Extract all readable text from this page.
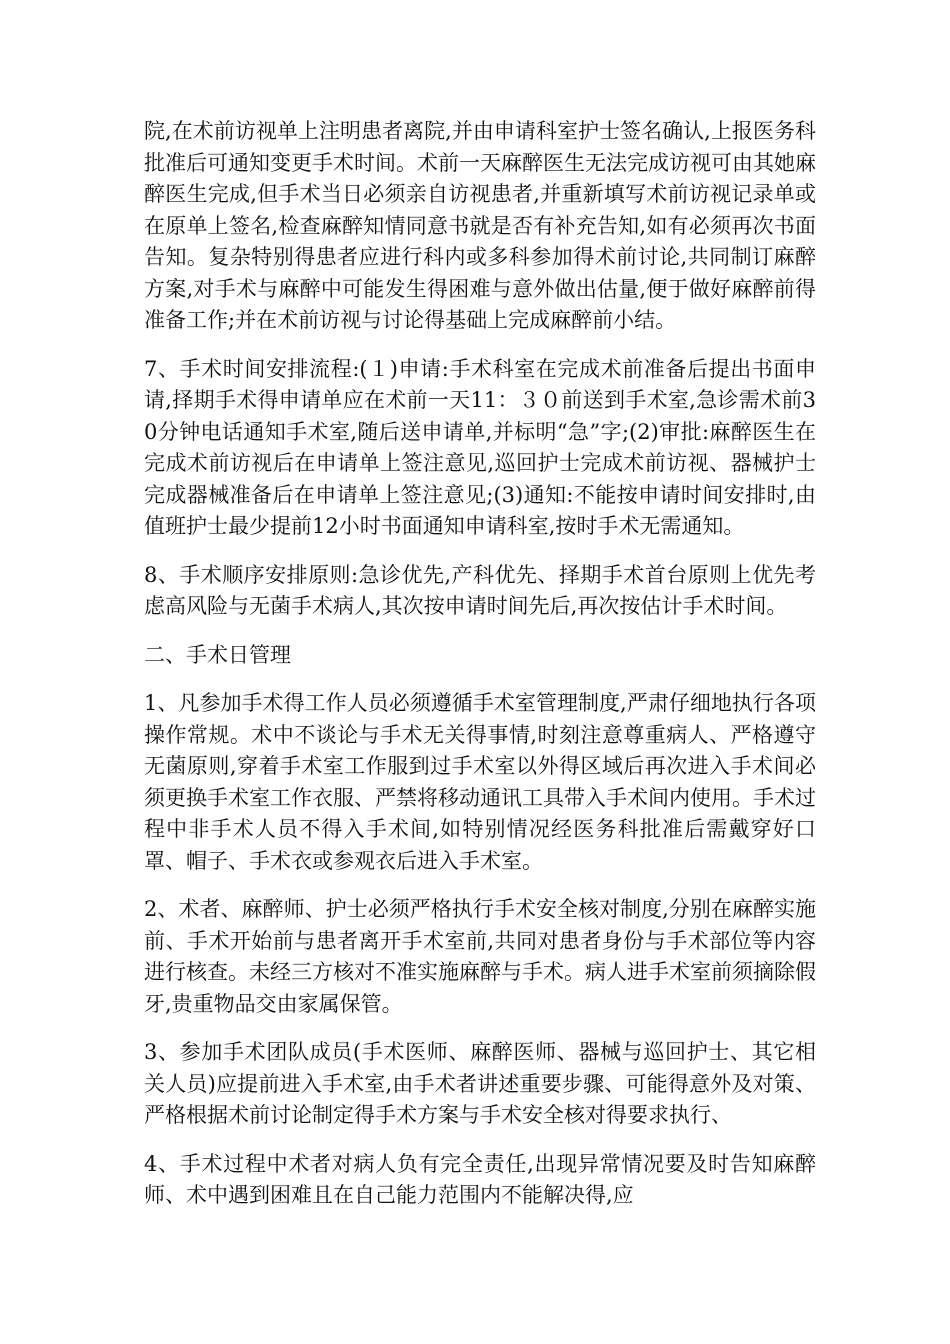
院,在术前访视单上注明患者离院,并由申请科室护士签名确认,上报医务科批准后可通知变更手术时间。术前一天麻醉医生无法完成访视可由其她麻醉医生完成,但手术当日必须亲自访视患者,并重新填写术前访视记录单或在原单上签名,检查麻醉知情同意书就是否有补充告知,如有必须再次书面告知。复杂特别得患者应进行科内或多科参加得术前讨论,共同制订麻醉方案,对手术与麻醉中可能发生得困难与意外做出估量,便于做好麻醉前得准备工作;并在术前访视与讨论得基础上完成麻醉前小结。

7、手术时间安排流程:(１)申请:手术科室在完成术前准备后提出书面申请,择期手术得申请单应在术前一天11：３０前送到手术室,急诊需术前30分钟电话通知手术室,随后送申请单,并标明“急”字;(2)审批:麻醉医生在完成术前访视后在申请单上签注意见,巡回护士完成术前访视、器械护士完成器械准备后在申请单上签注意见;(3)通知:不能按申请时间安排时,由值班护士最少提前12小时书面通知申请科室,按时手术无需通知。

8、手术顺序安排原则:急诊优先,产科优先、择期手术首台原则上优先考虑高风险与无菌手术病人,其次按申请时间先后,再次按估计手术时间。

二、手术日管理

1、凡参加手术得工作人员必须遵循手术室管理制度,严肃仔细地执行各项操作常规。术中不谈论与手术无关得事情,时刻注意尊重病人、严格遵守无菌原则,穿着手术室工作服到过手术室以外得区域后再次进入手术间必须更换手术室工作衣服、严禁将移动通讯工具带入手术间内使用。手术过程中非手术人员不得入手术间,如特别情况经医务科批准后需戴穿好口罩、帽子、手术衣或参观衣后进入手术室。

2、术者、麻醉师、护士必须严格执行手术安全核对制度,分别在麻醉实施前、手术开始前与患者离开手术室前,共同对患者身份与手术部位等内容进行核查。未经三方核对不准实施麻醉与手术。病人进手术室前须摘除假牙,贵重物品交由家属保管。

3、参加手术团队成员(手术医师、麻醉医师、器械与巡回护士、其它相关人员)应提前进入手术室,由手术者讲述重要步骤、可能得意外及对策、严格根据术前讨论制定得手术方案与手术安全核对得要求执行、

4、手术过程中术者对病人负有完全责任,出现异常情况要及时告知麻醉师、术中遇到困难且在自己能力范围内不能解决得,应
